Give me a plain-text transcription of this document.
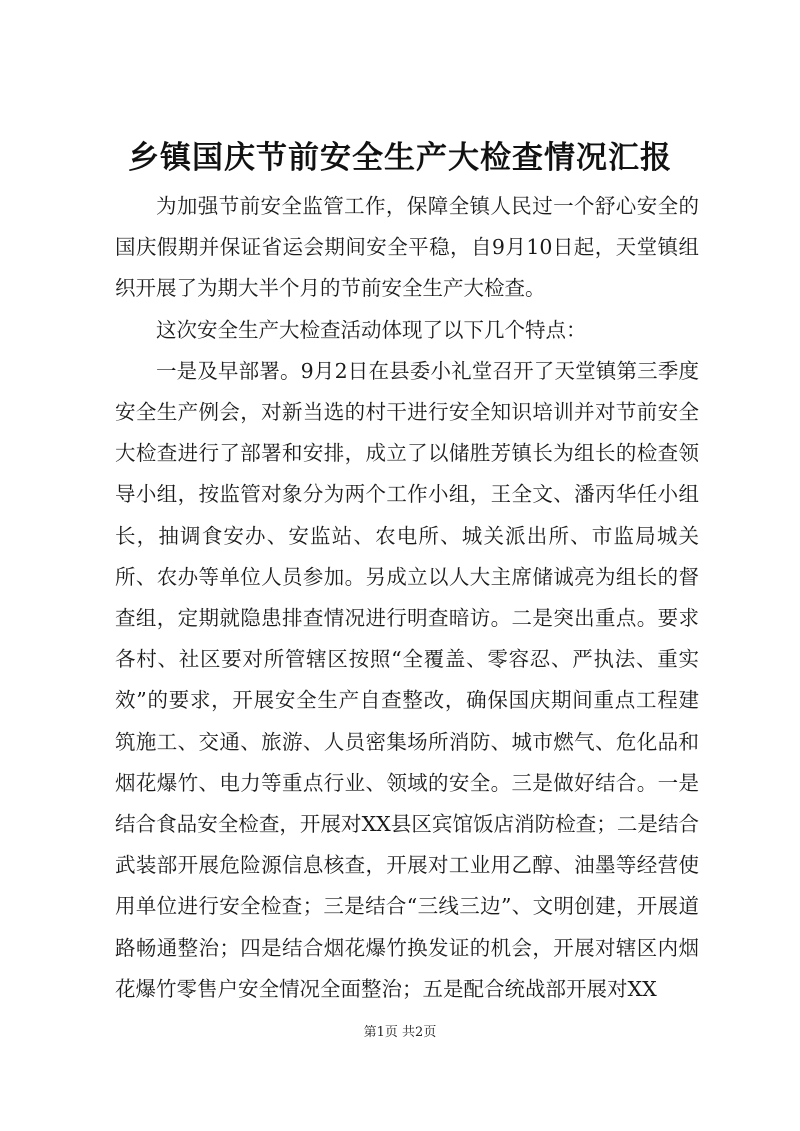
乡镇国庆节前安全生产大检查情况汇报

为加强节前安全监管工作，保障全镇人民过一个舒心安全的国庆假期并保证省运会期间安全平稳，自9月10日起，天堂镇组织开展了为期大半个月的节前安全生产大检查。

这次安全生产大检查活动体现了以下几个特点：

一是及早部署。9月2日在县委小礼堂召开了天堂镇第三季度安全生产例会，对新当选的村干进行安全知识培训并对节前安全大检查进行了部署和安排，成立了以储胜芳镇长为组长的检查领导小组，按监管对象分为两个工作小组，王全文、潘丙华任小组长，抽调食安办、安监站、农电所、城关派出所、市监局城关所、农办等单位人员参加。另成立以人大主席储诚亮为组长的督查组，定期就隐患排查情况进行明查暗访。二是突出重点。要求各村、社区要对所管辖区按照“全覆盖、零容忍、严执法、重实效”的要求，开展安全生产自查整改，确保国庆期间重点工程建筑施工、交通、旅游、人员密集场所消防、城市燃气、危化品和烟花爆竹、电力等重点行业、领域的安全。三是做好结合。一是结合食品安全检查，开展对XX县区宾馆饭店消防检查；二是结合武装部开展危险源信息核查，开展对工业用乙醇、油墨等经营使用单位进行安全检查；三是结合“三线三边”、文明创建，开展道路畅通整治；四是结合烟花爆竹换发证的机会，开展对辖区内烟花爆竹零售户安全情况全面整治；五是配合统战部开展对XX

第1页 共2页
